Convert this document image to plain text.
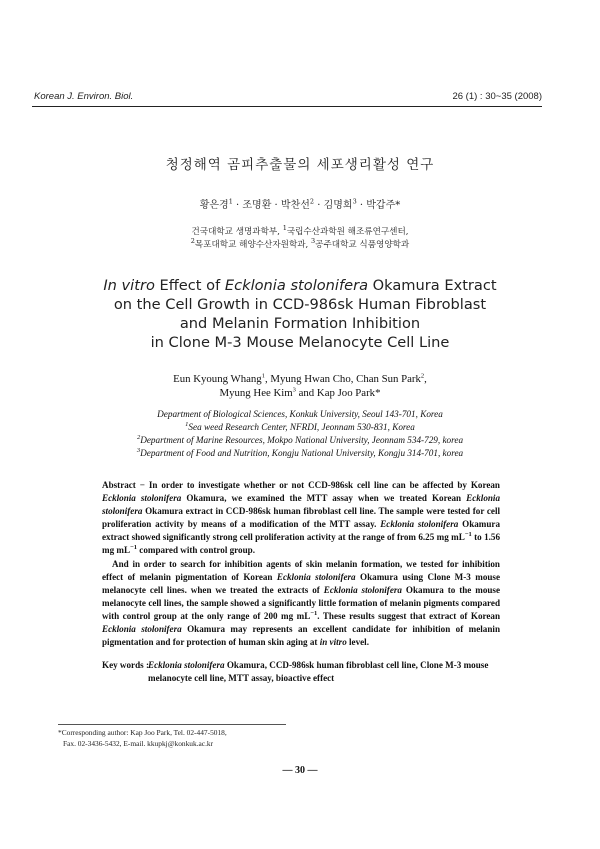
Korean J. Environ. Biol.	26 (1) : 30~35 (2008)
청정해역 곰피추출물의 세포생리활성 연구
황은경$^1$ · 조명환 · 박찬선$^2$ · 김명희$^3$ · 박갑주*
건국대학교 생명과학부, $^1$국립수산과학원 해조류연구센터,
$^2$목포대학교 해양수산자원학과, $^3$공주대학교 식품영양학과
In vitro Effect of Ecklonia stolonifera Okamura Extract
on the Cell Growth in CCD-986sk Human Fibroblast
and Melanin Formation Inhibition
in Clone M-3 Mouse Melanocyte Cell Line
Eun Kyoung Whang$^1$, Myung Hwan Cho, Chan Sun Park$^2$,
Myung Hee Kim$^3$ and Kap Joo Park*
Department of Biological Sciences, Konkuk University, Seoul 143-701, Korea
$^1$Sea weed Research Center, NFRDI, Jeonnam 530-831, Korea
$^2$Department of Marine Resources, Mokpo National University, Jeonnam 534-729, korea
$^3$Department of Food and Nutrition, Kongju National University, Kongju 314-701, korea

Abstract − In order to investigate whether or not CCD-986sk cell line can be affected by Korean Ecklonia stolonifera Okamura, we examined the MTT assay when we treated Korean Ecklonia stolonifera Okamura extract in CCD-986sk human fibroblast cell line. The sample were tested for cell proliferation activity by means of a modification of the MTT assay. Ecklonia stolonifera Okamura extract showed significantly strong cell proliferation activity at the range of from 6.25 mg $mL^{-1}$ to 1.56 mg $mL^{-1}$ compared with control group.

And in order to search for inhibition agents of skin melanin formation, we tested for inhibition effect of melanin pigmentation of Korean Ecklonia stolonifera Okamura using Clone M-3 mouse melanocyte cell lines. when we treated the extracts of Ecklonia stolonifera Okamura to the mouse melanocyte cell lines, the sample showed a significantly little formation of melanin pigments compared with control group at the only range of 200 mg $mL^{-1}$. These results suggest that extract of Korean Ecklonia stolonifera Okamura may represents an excellent candidate for inhibition of melanin pigmentation and for protection of human skin aging at in vitro level.

Key words : Ecklonia stolonifera Okamura, CCD-986sk human fibroblast cell line, Clone M-3 mouse melanocyte cell line, MTT assay, bioactive effect
*Corresponding author: Kap Joo Park, Tel. 02-447-5018,
Fax. 02-3436-5432, E-mail. kkupkj@konkuk.ac.kr
— 30 —
